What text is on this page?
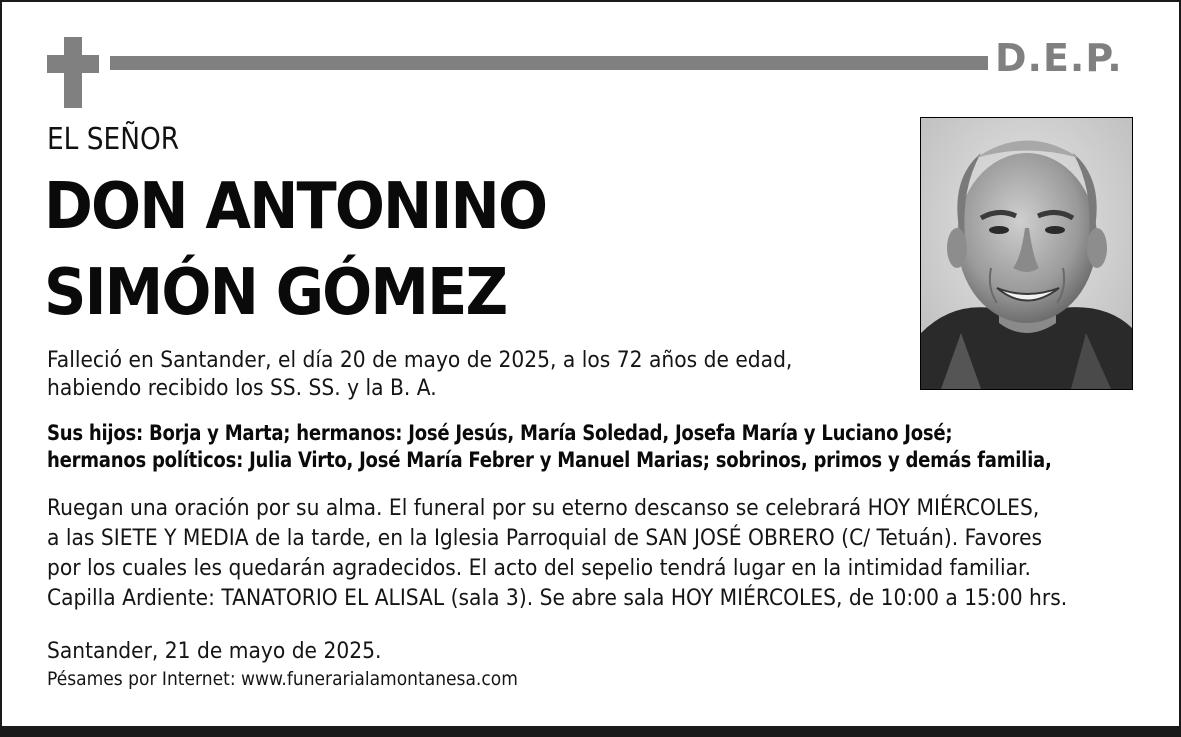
D.E.P.
EL SEÑOR
DON ANTONINO
SIMÓN GÓMEZ
Falleció en Santander, el día 20 de mayo de 2025, a los 72 años de edad,
habiendo recibido los SS. SS. y la B. A.
Sus hijos: Borja y Marta; hermanos: José Jesús, María Soledad, Josefa María y Luciano José;
hermanos políticos: Julia Virto, José María Febrer y Manuel Marias; sobrinos, primos y demás familia,
Ruegan una oración por su alma. El funeral por su eterno descanso se celebrará HOY MIÉRCOLES,
a las SIETE Y MEDIA de la tarde, en la Iglesia Parroquial de SAN JOSÉ OBRERO (C/ Tetuán). Favores
por los cuales les quedarán agradecidos. El acto del sepelio tendrá lugar en la intimidad familiar.
Capilla Ardiente: TANATORIO EL ALISAL (sala 3). Se abre sala HOY MIÉRCOLES, de 10:00 a 15:00 hrs.
Santander, 21 de mayo de 2025.
Pésames por Internet: www.funerarialamontanesa.com
